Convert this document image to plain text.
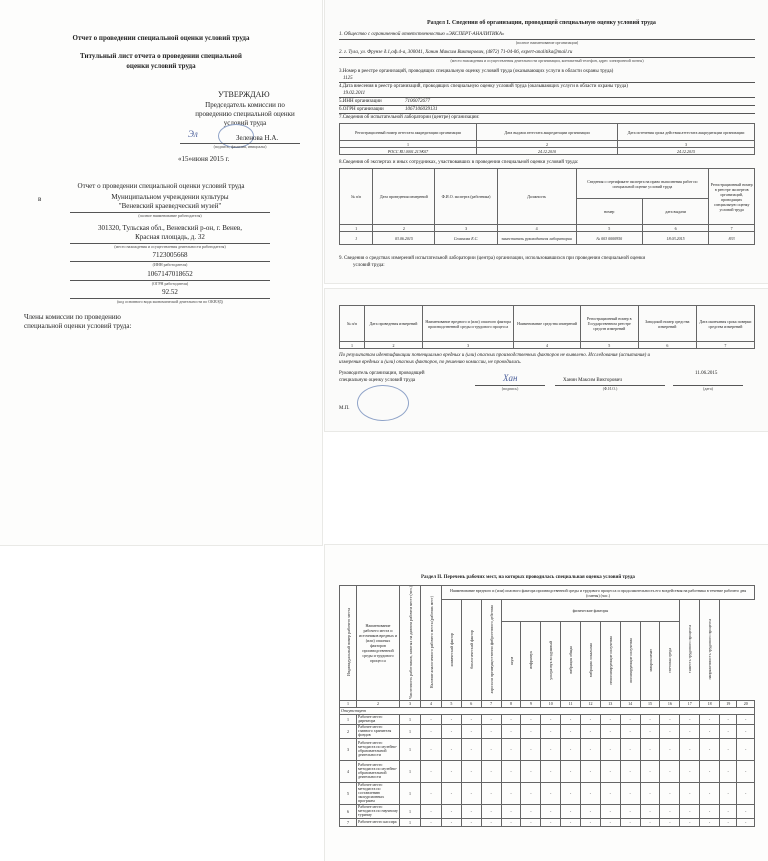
Отчет о проведении специальной оценки условий труда
Титульный лист отчета о проведении специальной
оценки условий труда
УТВЕРЖДАЮ
Председатель комиссии по
проведению специальной оценки
условий труда
Эл	Зеленова Н.А.
(подпись, фамилия, инициалы)
«15»июня 2015 г.
Отчет о проведении специальной оценки условий труда
в	Муниципальном учреждении культуры
"Веневский краеведческий музей"
(полное наименование работодателя)
301320, Тульская обл., Веневский р-он, г. Венев,
Красная площадь, д. 32
(место нахождения и осуществления деятельности работодателя)
7123005668
(ИНН работодателя)
1067147018652
(ОГРН работодателя)
92.52
(код основного вида экономической деятельности по ОКВЭД)
Члены комиссии по проведению
специальной оценки условий труда:
Раздел I. Сведения об организации, проводящей специальную оценку условий труда
1. Общество с ограниченной ответственностью «ЭКСПЕРТ-АНАЛИТИКА»
(полное наименование организации)
2. г. Тула, ул. Фрунзе д.1,оф.4-а, 300041, Ханин Максим Викторович, (4872) 71-04-06, expert-analitika@mail.ru
(место нахождения и осуществления деятельности организации, контактный телефон, адрес электронной почты)
3.Номер в реестре организаций, проводящих специальную оценку условий труда (оказывающих услуги в области охраны труда)
1125
4.Дата внесения в реестр организаций, проводящих специальную оценку условий труда (оказывающих услуги в области охраны труда)
19.02.2011
5.ИНН организации	7106072677
6.ОГРН организации	1067106039131
7.Сведения об испытательной лаборатории (центре) организации:
Регистрационный номер аттестата аккредитации организации	Дата выдачи аттестата аккредитации организации	Дата истечения срока действия аттестата аккредитации организации
1	2	3
РОСС RU.0001.21ЭК07	24.12.2010	24.12.2015
8.Сведения об экспертах и иных сотрудниках, участвовавших в проведении специальной оценки условий труда:
№ п/п	Дата проведения измерений	Ф.И.О. эксперта (работника)	Должность	Сведения о сертификате эксперта на право выполнения работ по специальной оценке условий труда		Регистрационный номер в реестре экспертов организаций, проводящих специальную оценку условий труда
				номер	дата выдачи	
1	2	3	4	5	6	7
1	03.06.2015	Семенова Е.С.	заместитель руководителя лаборатории	№ 003 0000950	18.03.2015	833
9. Сведения о средствах измерений испытательной лаборатории (центра) организации, использовавшихся при проведении специальной оценки
условий труда:
№ п/п	Дата проведения измерений	Наименование вредного и (или) опасного фактора производственной среды и трудового процесса	Наименование средства измерений	Регистрационный номер в Государственном реестре средств измерений	Заводской номер средства измерений	Дата окончания срока поверки средства измерений
1	2	3	4	5	6	7
По результатам идентификации потенциально вредных и (или) опасных производственных факторов не выявлено. Исследования (испытания) и
измерения вредных и (или) опасных факторов, по решению комиссии, не проводились.
Руководитель организации, проводящей
специальную оценку условий труда	Ханин Максим Викторович
11.06.2015
(подпись)	(Ф.И.О.)	(дата)
М.П.
Хан
Раздел II. Перечень рабочих мест, на которых проводилась специальная оценка условий труда
Индивидуальный номер рабочего места	Наименование рабочего места и источников вредных и (или) опасных факторов производственной среды и трудового процесса	Численность работников, занятых на данном рабочем месте (чел.)	Наличие аналогичного рабочего места (рабочих мест)	Наименование вредного и (или) опасного фактора производственной среды и трудового процесса и продолжительность его воздействия на работника в течение рабочего дня (смены) (час.)															
				химический фактор	биологический фактор	аэрозоли преимущественно фиброгенного действия	физические факторы									тяжесть трудового процесса	напряженность трудового процесса		
							шум	инфразвук	ультразвук воздушный	вибрация общая	вибрация локальная	неионизирующие излучения	ионизирующие излучения	микроклимат	световая среда				
1	2	3	4	5	6	7	8	9	10	11	12	13	14	15	16	17	18	19	20
Отсутствует																			
1	Рабочее место директора	1	-	-	-	-	-	-	-	-	-	-	-	-	-	-	-	-	-
2	Рабочее место главного хранителя фондов	1	-	-	-	-	-	-	-	-	-	-	-	-	-	-	-	-	-
3	Рабочее место методиста по музейно-образовательной деятельности	1	-	-	-	-	-	-	-	-	-	-	-	-	-	-	-	-	-
4	Рабочее место методиста по музейно-образовательной деятельности	1	-	-	-	-	-	-	-	-	-	-	-	-	-	-	-	-	-
5	Рабочее место методиста по составлению экскурсионных программ	1	-	-	-	-	-	-	-	-	-	-	-	-	-	-	-	-	-
6	Рабочее место методиста по научному туризму	1	-	-	-	-	-	-	-	-	-	-	-	-	-	-	-	-	-
7	Рабочее место кассира	1	-	-	-	-	-	-	-	-	-	-	-	-	-	-	-	-	-
